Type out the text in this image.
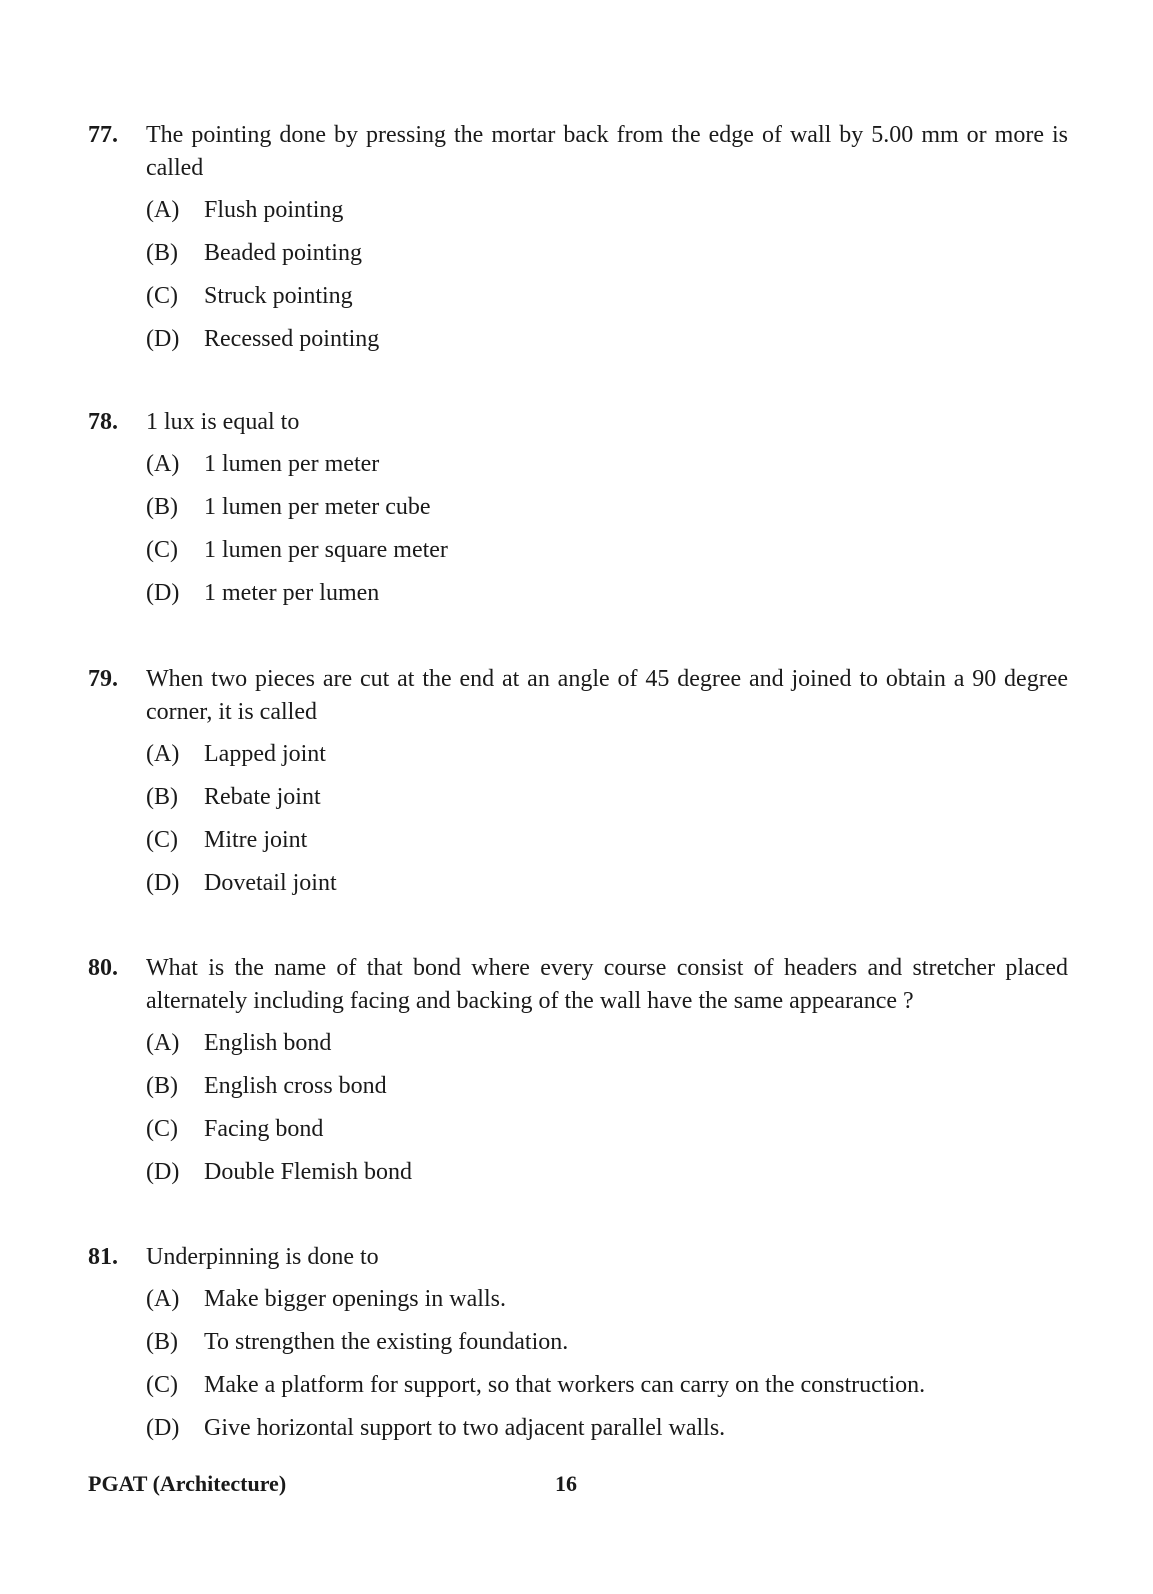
77. The pointing done by pressing the mortar back from the edge of wall by 5.00 mm or more is called
(A) Flush pointing
(B) Beaded pointing
(C) Struck pointing
(D) Recessed pointing
78. 1 lux is equal to
(A) 1 lumen per meter
(B) 1 lumen per meter cube
(C) 1 lumen per square meter
(D) 1 meter per lumen
79. When two pieces are cut at the end at an angle of 45 degree and joined to obtain a 90 degree corner, it is called
(A) Lapped joint
(B) Rebate joint
(C) Mitre joint
(D) Dovetail joint
80. What is the name of that bond where every course consist of headers and stretcher placed alternately including facing and backing of the wall have the same appearance ?
(A) English bond
(B) English cross bond
(C) Facing bond
(D) Double Flemish bond
81. Underpinning is done to
(A) Make bigger openings in walls.
(B) To strengthen the existing foundation.
(C) Make a platform for support, so that workers can carry on the construction.
(D) Give horizontal support to two adjacent parallel walls.
PGAT (Architecture)	16
